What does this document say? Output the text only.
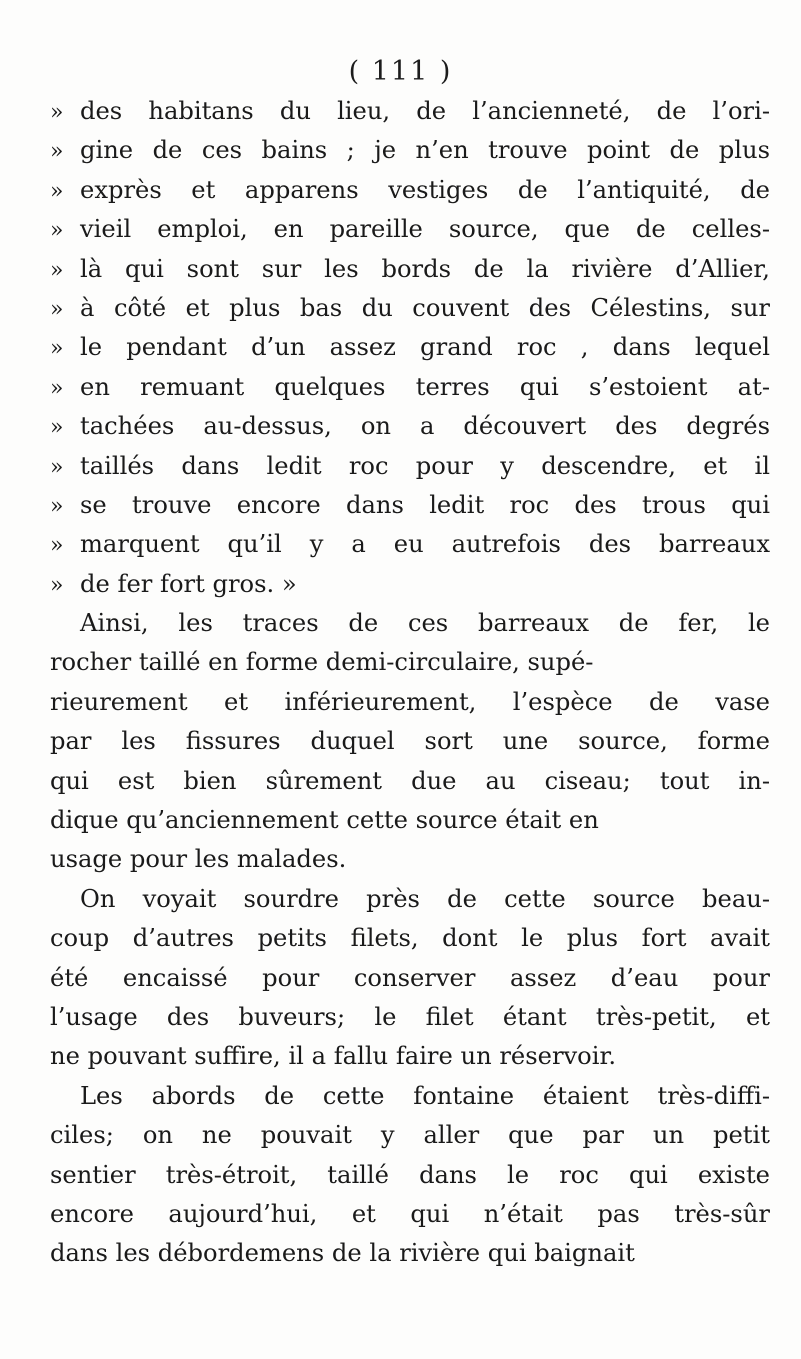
( 111 )
» des habitans du lieu, de l’ancienneté, de l’ori-
» gine de ces bains ; je n’en trouve point de plus
» exprès et apparens vestiges de l’antiquité, de
» vieil emploi, en pareille source, que de celles-
» là qui sont sur les bords de la rivière d’Allier,
» à côté et plus bas du couvent des Célestins, sur
» le pendant d’un assez grand roc , dans lequel
» en remuant quelques terres qui s’estoient at-
» tachées au-dessus, on a découvert des degrés
» taillés dans ledit roc pour y descendre, et il
» se trouve encore dans ledit roc des trous qui
» marquent qu’il y a eu autrefois des barreaux
» de fer fort gros. »
Ainsi, les traces de ces barreaux de fer, le
rocher taillé en forme demi-circulaire, supé-
rieurement et inférieurement, l’espèce de vase
par les fissures duquel sort une source, forme
qui est bien sûrement due au ciseau; tout in-
dique qu’anciennement cette source était en
usage pour les malades.
On voyait sourdre près de cette source beau-
coup d’autres petits filets, dont le plus fort avait
été encaissé pour conserver assez d’eau pour
l’usage des buveurs; le filet étant très-petit, et
ne pouvant suffire, il a fallu faire un réservoir.
Les abords de cette fontaine étaient très-diffi-
ciles; on ne pouvait y aller que par un petit
sentier très-étroit, taillé dans le roc qui existe
encore aujourd’hui, et qui n’était pas très-sûr
dans les débordemens de la rivière qui baignait
